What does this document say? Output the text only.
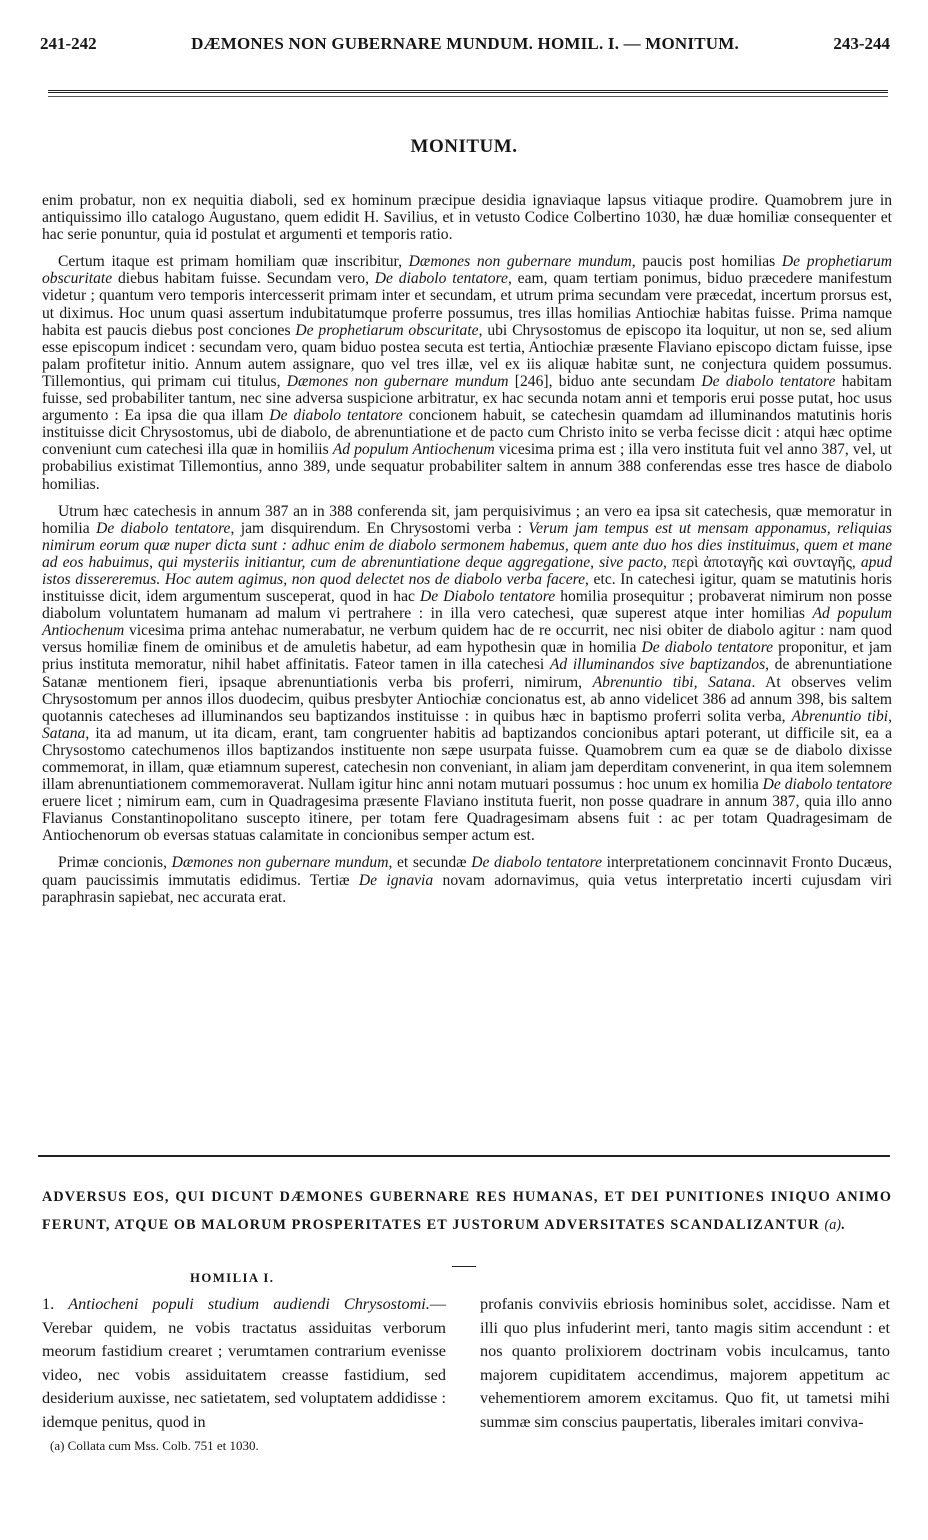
241-242	DÆMONES NON GUBERNARE MUNDUM. HOMIL. I. — MONITUM.	243-244
MONITUM.

enim probatur, non ex nequitia diaboli, sed ex hominum præcipue desidia ignaviaque lapsus vitiaque prodire. Quamobrem jure in antiquissimo illo catalogo Augustano, quem edidit H. Savilius, et in vetusto Codice Colbertino 1030, hæ duæ homiliæ consequenter et hac serie ponuntur, quia id postulat et argumenti et temporis ratio.

Certum itaque est primam homiliam quæ inscribitur, Dæmones non gubernare mundum, paucis post homilias De prophetiarum obscuritate diebus habitam fuisse. Secundam vero, De diabolo tentatore, eam, quam tertiam ponimus, biduo præcedere manifestum videtur ; quantum vero temporis intercesserit primam inter et secundam, et utrum prima secundam vere præcedat, incertum prorsus est, ut diximus. Hoc unum quasi assertum indubitatumque proferre possumus, tres illas homilias Antiochiæ habitas fuisse. Prima namque habita est paucis diebus post conciones De prophetiarum obscuritate, ubi Chrysostomus de episcopo ita loquitur, ut non se, sed alium esse episcopum indicet : secundam vero, quam biduo postea secuta est tertia, Antiochiæ præsente Flaviano episcopo dictam fuisse, ipse palam profitetur initio. Annum autem assignare, quo vel tres illæ, vel ex iis aliquæ habitæ sunt, ne conjectura quidem possumus. Tillemontius, qui primam cui titulus, Dæmones non gubernare mundum [246], biduo ante secundam De diabolo tentatore habitam fuisse, sed probabiliter tantum, nec sine adversa suspicione arbitratur, ex hac secunda notam anni et temporis erui posse putat, hoc usus argumento : Ea ipsa die qua illam De diabolo tentatore concionem habuit, se catechesin quamdam ad illuminandos matutinis horis instituisse dicit Chrysostomus, ubi de diabolo, de abrenuntiatione et de pacto cum Christo inito se verba fecisse dicit : atqui hæc optime conveniunt cum catechesi illa quæ in homiliis Ad populum Antiochenum vicesima prima est ; illa vero instituta fuit vel anno 387, vel, ut probabilius existimat Tillemontius, anno 389, unde sequatur probabiliter saltem in annum 388 conferendas esse tres hasce de diabolo homilias.

Utrum hæc catechesis in annum 387 an in 388 conferenda sit, jam perquisivimus ; an vero ea ipsa sit catechesis, quæ memoratur in homilia De diabolo tentatore, jam disquirendum. En Chrysostomi verba : Verum jam tempus est ut mensam apponamus, reliquias nimirum eorum quæ nuper dicta sunt : adhuc enim de diabolo sermonem habemus, quem ante duo hos dies instituimus, quem et mane ad eos habuimus, qui mysteriis initiantur, cum de abrenuntiatione deque aggregatione, sive pacto, περὶ ἀποταγῆς καὶ συνταγῆς, apud istos dissereremus. Hoc autem agimus, non quod delectet nos de diabolo verba facere, etc. In catechesi igitur, quam se matutinis horis instituisse dicit, idem argumentum susceperat, quod in hac De Diabolo tentatore homilia prosequitur ; probaverat nimirum non posse diabolum voluntatem humanam ad malum vi pertrahere : in illa vero catechesi, quæ superest atque inter homilias Ad populum Antiochenum vicesima prima antehac numerabatur, ne verbum quidem hac de re occurrit, nec nisi obiter de diabolo agitur : nam quod versus homiliæ finem de ominibus et de amuletis habetur, ad eam hypothesin quæ in homilia De diabolo tentatore proponitur, et jam prius instituta memoratur, nihil habet affinitatis. Fateor tamen in illa catechesi Ad illuminandos sive baptizandos, de abrenuntiatione Satanæ mentionem fieri, ipsaque abrenuntiationis verba bis proferri, nimirum, Abrenuntio tibi, Satana. At observes velim Chrysostomum per annos illos duodecim, quibus presbyter Antiochiæ concionatus est, ab anno videlicet 386 ad annum 398, bis saltem quotannis catecheses ad illuminandos seu baptizandos instituisse : in quibus hæc in baptismo proferri solita verba, Abrenuntio tibi, Satana, ita ad manum, ut ita dicam, erant, tam congruenter habitis ad baptizandos concionibus aptari poterant, ut difficile sit, ea a Chrysostomo catechumenos illos baptizandos instituente non sæpe usurpata fuisse. Quamobrem cum ea quæ se de diabolo dixisse commemorat, in illam, quæ etiamnum superest, catechesin non conveniant, in aliam jam deperditam convenerint, in qua item solemnem illam abrenuntiationem commemoraverat. Nullam igitur hinc anni notam mutuari possumus : hoc unum ex homilia De diabolo tentatore eruere licet ; nimirum eam, cum in Quadragesima præsente Flaviano instituta fuerit, non posse quadrare in annum 387, quia illo anno Flavianus Constantinopolitano suscepto itinere, per totam fere Quadragesimam absens fuit : ac per totam Quadragesimam de Antiochenorum ob eversas statuas calamitate in concionibus semper actum est.

Primæ concionis, Dæmones non gubernare mundum, et secundæ De diabolo tentatore interpretationem concinnavit Fronto Ducæus, quam paucissimis immutatis edidimus. Tertiæ De ignavia novam adornavimus, quia vetus interpretatio incerti cujusdam viri paraphrasin sapiebat, nec accurata erat.

ADVERSUS EOS, QUI DICUNT DÆMONES GUBERNARE RES HUMANAS, ET DEI PUNITIONES INIQUO ANIMO FERUNT, ATQUE OB MALORUM PROSPERITATES ET JUSTORUM ADVERSITATES SCANDALIZANTUR (a).
HOMILIA I.

1. Antiocheni populi studium audiendi Chrysostomi.— Verebar quidem, ne vobis tractatus assiduitas verborum meorum fastidium crearet ; verumtamen contrarium evenisse video, nec vobis assiduitatem creasse fastidium, sed desiderium auxisse, nec satietatem, sed voluptatem addidisse : idemque penitus, quod in

profanis conviviis ebriosis hominibus solet, accidisse. Nam et illi quo plus infuderint meri, tanto magis sitim accendunt : et nos quanto prolixiorem doctrinam vobis inculcamus, tanto majorem cupiditatem accendimus, majorem appetitum ac vehementiorem amorem excitamus. Quo fit, ut tametsi mihi summæ sim conscius paupertatis, liberales imitari conviva-

(a) Collata cum Mss. Colb. 751 et 1030.
